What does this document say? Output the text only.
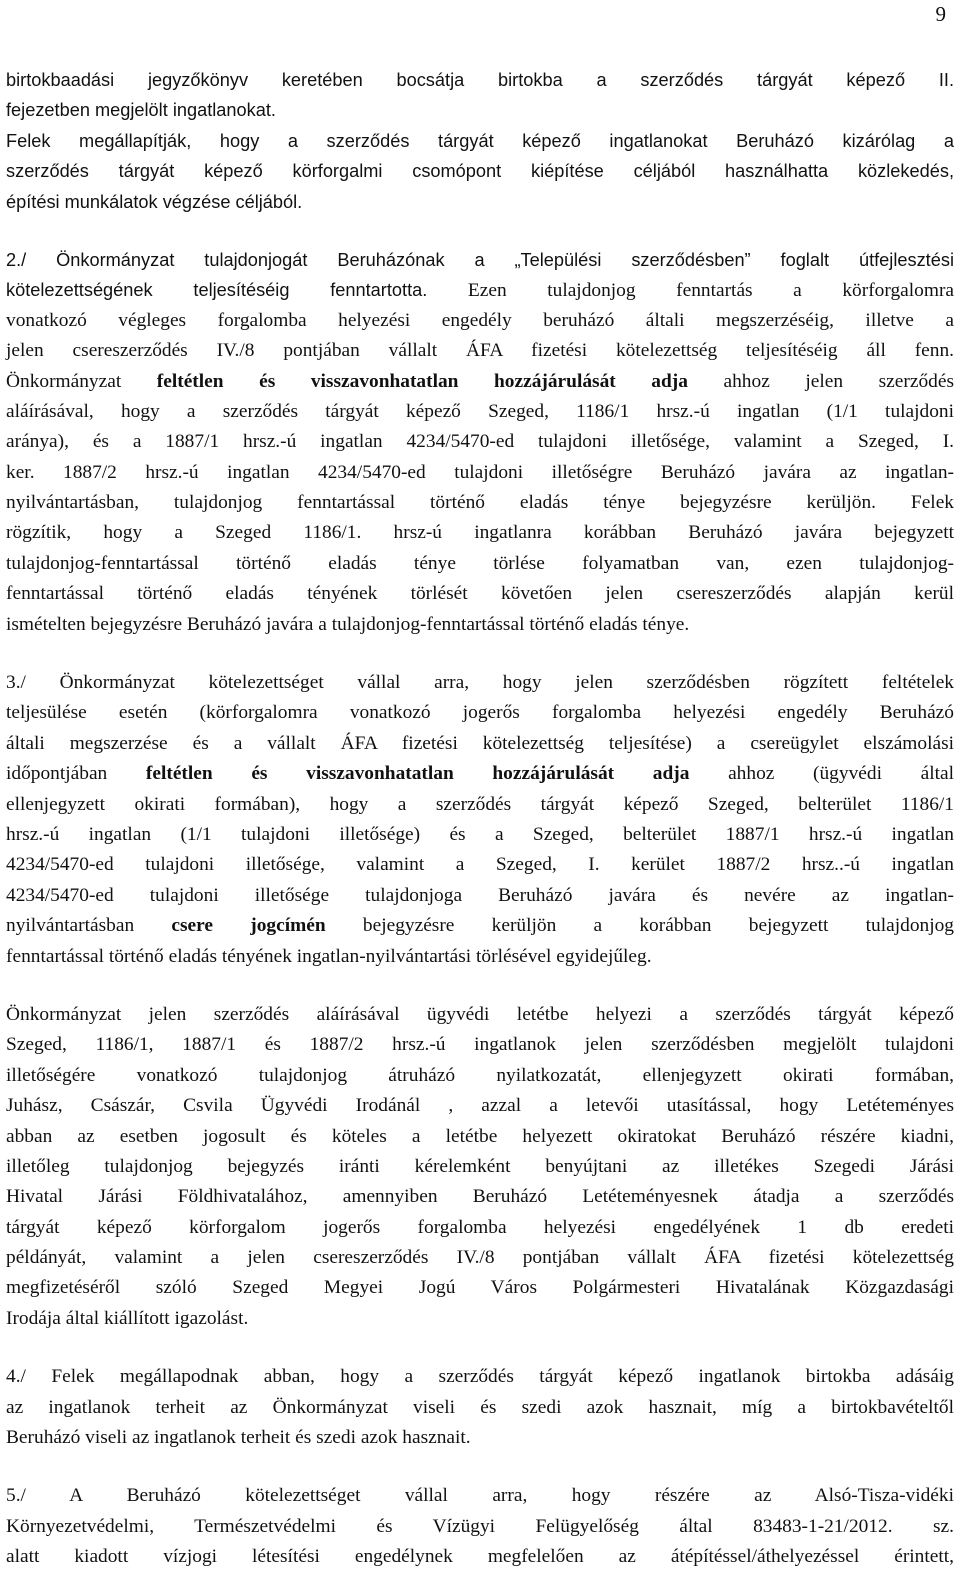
9
birtokbaadási jegyzőkönyv keretében bocsátja birtokba a szerződés tárgyát képező II.
fejezetben megjelölt ingatlanokat.
Felek megállapítják, hogy a szerződés tárgyát képező ingatlanokat Beruházó kizárólag a
szerződés tárgyát képező körforgalmi csomópont kiépítése céljából használhatta közlekedés,
építési munkálatok végzése céljából.
2./ Önkormányzat tulajdonjogát Beruházónak a „Települési szerződésben” foglalt útfejlesztési
kötelezettségének teljesítéséig fenntartotta. Ezen tulajdonjog fenntartás a körforgalomra
vonatkozó végleges forgalomba helyezési engedély beruházó általi megszerzéséig, illetve a
jelen csereszerződés IV./8 pontjában vállalt ÁFA fizetési kötelezettség teljesítéséig áll fenn.
Önkormányzat feltétlen és visszavonhatatlan hozzájárulását adja ahhoz jelen szerződés
aláírásával, hogy a szerződés tárgyát képező Szeged, 1186/1 hrsz.-ú ingatlan (1/1 tulajdoni
aránya), és a 1887/1 hrsz.-ú ingatlan 4234/5470-ed tulajdoni illetősége, valamint a Szeged, I.
ker. 1887/2 hrsz.-ú ingatlan 4234/5470-ed tulajdoni illetőségre Beruházó javára az ingatlan-
nyilvántartásban, tulajdonjog fenntartással történő eladás ténye bejegyzésre kerüljön. Felek
rögzítik, hogy a Szeged 1186/1. hrsz-ú ingatlanra korábban Beruházó javára bejegyzett
tulajdonjog-fenntartással történő eladás ténye törlése folyamatban van, ezen tulajdonjog-
fenntartással történő eladás tényének törlését követően jelen csereszerződés alapján kerül
ismételten bejegyzésre Beruházó javára a tulajdonjog-fenntartással történő eladás ténye.
3./ Önkormányzat kötelezettséget vállal arra, hogy jelen szerződésben rögzített feltételek
teljesülése esetén (körforgalomra vonatkozó jogerős forgalomba helyezési engedély Beruházó
általi megszerzése és a vállalt ÁFA fizetési kötelezettség teljesítése) a csereügylet elszámolási
időpontjában feltétlen és visszavonhatatlan hozzájárulását adja ahhoz (ügyvédi által
ellenjegyzett okirati formában), hogy a szerződés tárgyát képező Szeged, belterület 1186/1
hrsz.-ú ingatlan (1/1 tulajdoni illetősége) és a Szeged, belterület 1887/1 hrsz.-ú ingatlan
4234/5470-ed tulajdoni illetősége, valamint a Szeged, I. kerület 1887/2 hrsz..-ú ingatlan
4234/5470-ed tulajdoni illetősége tulajdonjoga Beruházó javára és nevére az ingatlan-
nyilvántartásban csere jogcímén bejegyzésre kerüljön a korábban bejegyzett tulajdonjog
fenntartással történő eladás tényének ingatlan-nyilvántartási törlésével egyidejűleg.
Önkormányzat jelen szerződés aláírásával ügyvédi letétbe helyezi a szerződés tárgyát képező
Szeged, 1186/1, 1887/1 és 1887/2 hrsz.-ú ingatlanok jelen szerződésben megjelölt tulajdoni
illetőségére vonatkozó tulajdonjog átruházó nyilatkozatát, ellenjegyzett okirati formában,
Juhász, Császár, Csvila Ügyvédi Irodánál , azzal a letevői utasítással, hogy Letéteményes
abban az esetben jogosult és köteles a letétbe helyezett okiratokat Beruházó részére kiadni,
illetőleg tulajdonjog bejegyzés iránti kérelemként benyújtani az illetékes Szegedi Járási
Hivatal Járási Földhivatalához, amennyiben Beruházó Letéteményesnek átadja a szerződés
tárgyát képező körforgalom jogerős forgalomba helyezési engedélyének 1 db eredeti
példányát, valamint a jelen csereszerződés IV./8 pontjában vállalt ÁFA fizetési kötelezettség
megfizetéséről szóló Szeged Megyei Jogú Város Polgármesteri Hivatalának Közgazdasági
Irodája által kiállított igazolást.
4./ Felek megállapodnak abban, hogy a szerződés tárgyát képező ingatlanok birtokba adásáig
az ingatlanok terheit az Önkormányzat viseli és szedi azok hasznait, míg a birtokbavételtől
Beruházó viseli az ingatlanok terheit és szedi azok hasznait.
5./ A Beruházó kötelezettséget vállal arra, hogy részére az Alsó-Tisza-vidéki
Környezetvédelmi, Természetvédelmi és Vízügyi Felügyelőség által 83483-1-21/2012. sz.
alatt kiadott vízjogi létesítési engedélynek megfelelően az átépítéssel/áthelyezéssel érintett,
